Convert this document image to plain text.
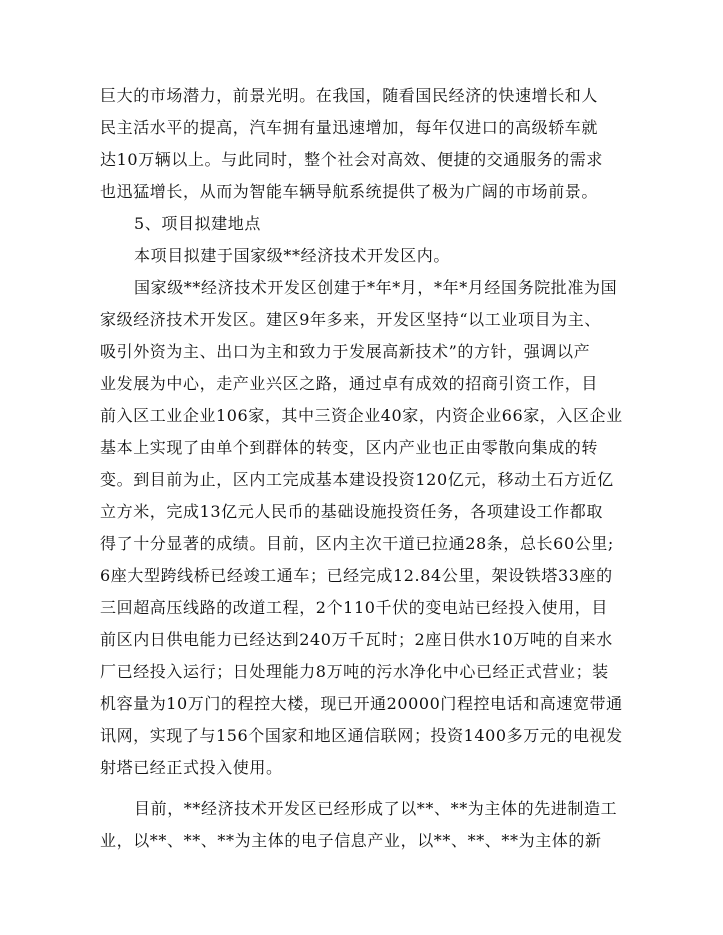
巨大的市场潜力，前景光明。在我国，随看国民经济的快速增长和人
民主活水平的提高，汽车拥有量迅速增加，每年仅进口的高级轿车就
达10万辆以上。与此同时，整个社会对高效、便捷的交通服务的需求
也迅猛增长，从而为智能车辆导航系统提供了极为广阔的市场前景。
5、项目拟建地点
本项目拟建于国家级**经济技术开发区内。
国家级**经济技术开发区创建于*年*月，*年*月经国务院批准为国
家级经济技术开发区。建区9年多来，开发区坚持“以工业项目为主、
吸引外资为主、出口为主和致力于发展高新技术”的方针，强调以产
业发展为中心，走产业兴区之路，通过卓有成效的招商引资工作，目
前入区工业企业106家，其中三资企业40家，内资企业66家，入区企业
基本上实现了由单个到群体的转变，区内产业也正由零散向集成的转
变。到目前为止，区内工完成基本建设投资120亿元，移动土石方近亿
立方米，完成13亿元人民币的基础设施投资任务，各项建设工作都取
得了十分显著的成绩。目前，区内主次干道已拉通28条，总长60公里;
6座大型跨线桥已经竣工通车；已经完成12.84公里，架设铁塔33座的
三回超高压线路的改道工程，2个110千伏的变电站已经投入使用，目
前区内日供电能力已经达到240万千瓦时；2座日供水10万吨的自来水
厂已经投入运行；日处理能力8万吨的污水净化中心已经正式营业；装
机容量为10万门的程控大楼，现已开通20000门程控电话和高速宽带通
讯网，实现了与156个国家和地区通信联网；投资1400多万元的电视发
射塔已经正式投入使用。
目前，**经济技术开发区已经形成了以**、**为主体的先进制造工
业，以**、**、**为主体的电子信息产业，以**、**、**为主体的新
